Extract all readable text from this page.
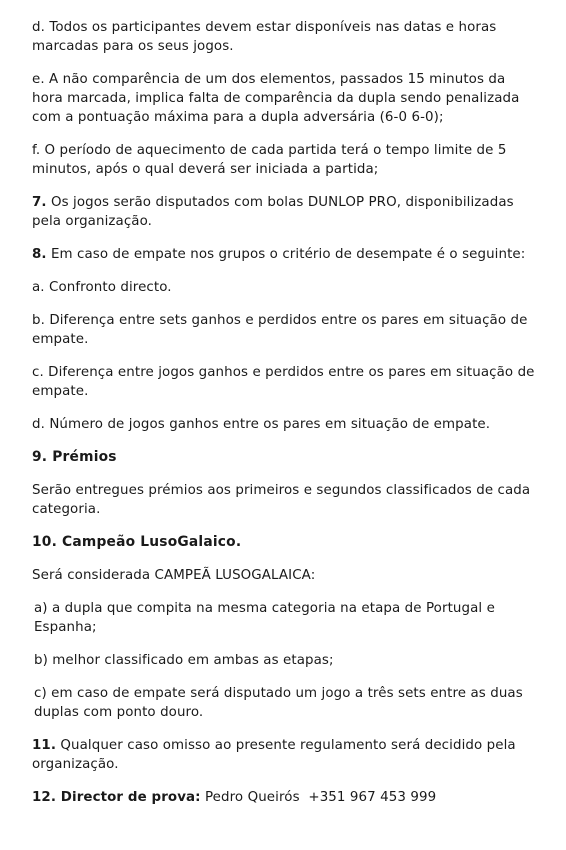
d. Todos os participantes devem estar disponíveis nas datas e horas marcadas para os seus jogos.

e. A não comparência de um dos elementos, passados 15 minutos da hora marcada, implica falta de comparência da dupla sendo penalizada com a pontuação máxima para a dupla adversária (6-0 6-0);

f. O período de aquecimento de cada partida terá o tempo limite de 5 minutos, após o qual deverá ser iniciada a partida;

7. Os jogos serão disputados com bolas DUNLOP PRO, disponibilizadas pela organização.

8. Em caso de empate nos grupos o critério de desempate é o seguinte:

a. Confronto directo.

b. Diferença entre sets ganhos e perdidos entre os pares em situação de empate.

c. Diferença entre jogos ganhos e perdidos entre os pares em situação de empate.

d. Número de jogos ganhos entre os pares em situação de empate.

9. Prémios

Serão entregues prémios aos primeiros e segundos classificados de cada categoria.

10. Campeão LusoGalaico.

Será considerada CAMPEÃ LUSOGALAICA:

a) a dupla que compita na mesma categoria na etapa de Portugal e Espanha;

b) melhor classificado em ambas as etapas;

c) em caso de empate será disputado um jogo a três sets entre as duas duplas com ponto douro.

11. Qualquer caso omisso ao presente regulamento será decidido pela organização.

12. Director de prova: Pedro Queirós  +351 967 453 999
